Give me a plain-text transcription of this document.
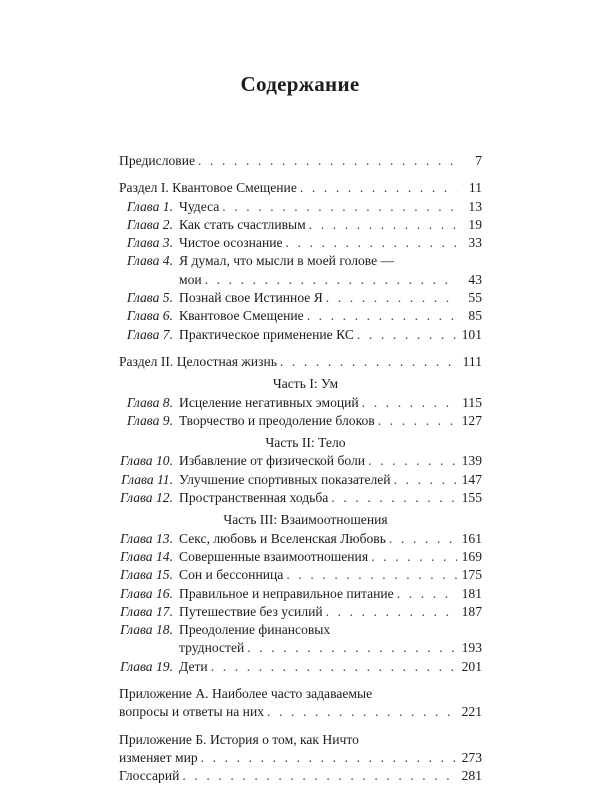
Содержание
Предисловие . . .	7
Раздел I. Квантовое Смещение . . .	11
Глава 1. Чудеса . . .	13
Глава 2. Как стать счастливым . . .	19
Глава 3. Чистое осознание . . .	33
Глава 4. Я думал, что мысли в моей голове —
мои . . .	43
Глава 5. Познай свое Истинное Я . . .	55
Глава 6. Квантовое Смещение . . .	85
Глава 7. Практическое применение КС . . .	101
Раздел II. Целостная жизнь . . .	111
Часть I: Ум
Глава 8. Исцеление негативных эмоций . . .	115
Глава 9. Творчество и преодоление блоков . . .	127
Часть II: Тело
Глава 10. Избавление от физической боли . . .	139
Глава 11. Улучшение спортивных показателей . . .	147
Глава 12. Пространственная ходьба . . .	155
Часть III: Взаимоотношения
Глава 13. Секс, любовь и Вселенская Любовь . . .	161
Глава 14. Совершенные взаимоотношения . . .	169
Глава 15. Сон и бессонница . . .	175
Глава 16. Правильное и неправильное питание . . .	181
Глава 17. Путешествие без усилий . . .	187
Глава 18. Преодоление финансовых
трудностей . . .	193
Глава 19. Дети . . .	201
Приложение А. Наиболее часто задаваемые
вопросы и ответы на них . . .	221
Приложение Б. История о том, как Ничто
изменяет мир . . .	273
Глоссарий . . .	281
